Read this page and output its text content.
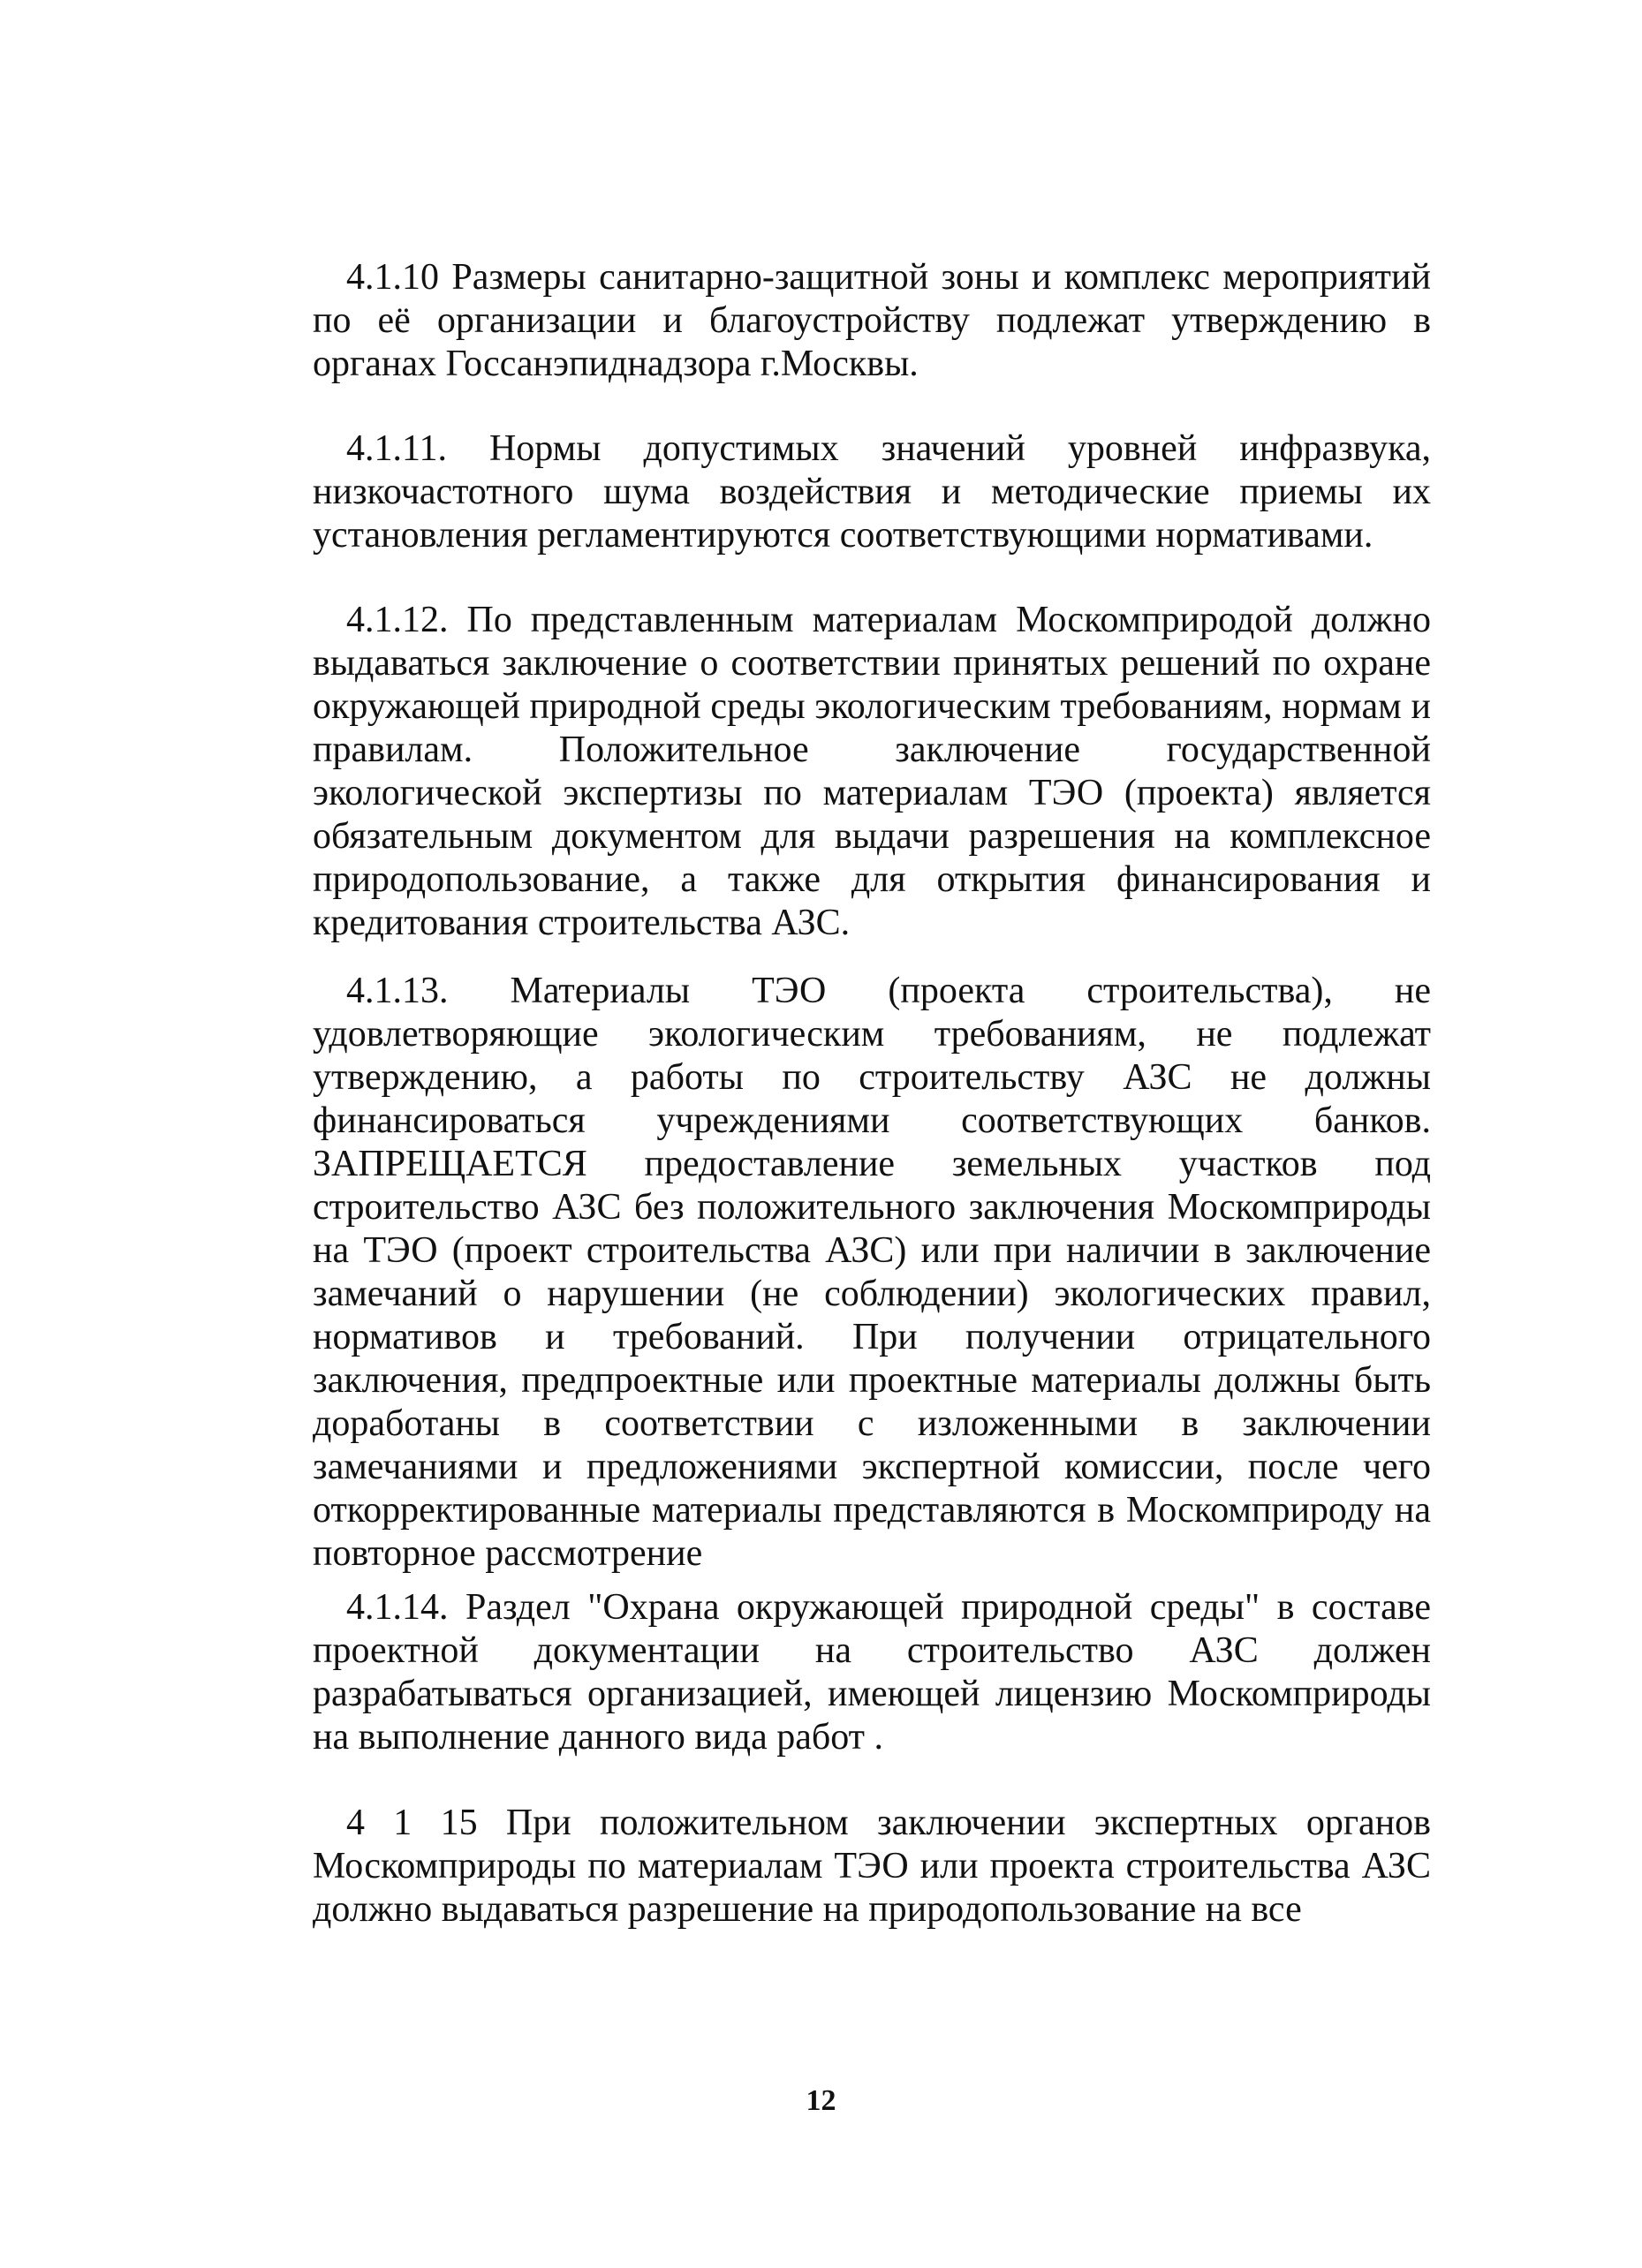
4.1.10 Размеры санитарно-защитной зоны и комплекс мероприятий по её организации и благоустройству подлежат утверждению в органах Госсанэпиднадзора г.Москвы.

4.1.11. Нормы допустимых значений уровней инфразвука, низкочастотного шума воздействия и методические приемы их установления регламентируются соответствующими нормативами.

4.1.12. По представленным материалам Москомприродой должно выдаваться заключение о соответствии принятых решений по охране окружающей природной среды экологическим требованиям, нормам и правилам. Положительное заключение государственной экологической экспертизы по материалам ТЭО (проекта) является обязательным документом для выдачи разрешения на комплексное природопользование, а также для открытия финансирования и кредитования строительства АЗС.

4.1.13. Материалы ТЭО (проекта строительства), не удовлетворяющие экологическим требованиям, не подлежат утверждению, а работы по строительству АЗС не должны финансироваться учреждениями соответствующих банков. ЗАПРЕЩАЕТСЯ предоставление земельных участков под строительство АЗС без положительного заключения Москомприроды на ТЭО (проект строительства АЗС) или при наличии в заключение замечаний о нарушении (не соблюдении) экологических правил, нормативов и требований. При получении отрицательного заключения, предпроектные или проектные материалы должны быть доработаны в соответствии с изложенными в заключении замечаниями и предложениями экспертной комиссии, после чего откорректированные материалы представляются в Москомприроду на повторное рассмотрение

4.1.14. Раздел "Охрана окружающей природной среды" в составе проектной документации на строительство АЗС должен разрабатываться организацией, имеющей лицензию Москомприроды на выполнение данного вида работ .

4 1 15 При положительном заключении экспертных органов Москомприроды по материалам ТЭО или проекта строительства АЗС должно выдаваться разрешение на природопользование на все

12
